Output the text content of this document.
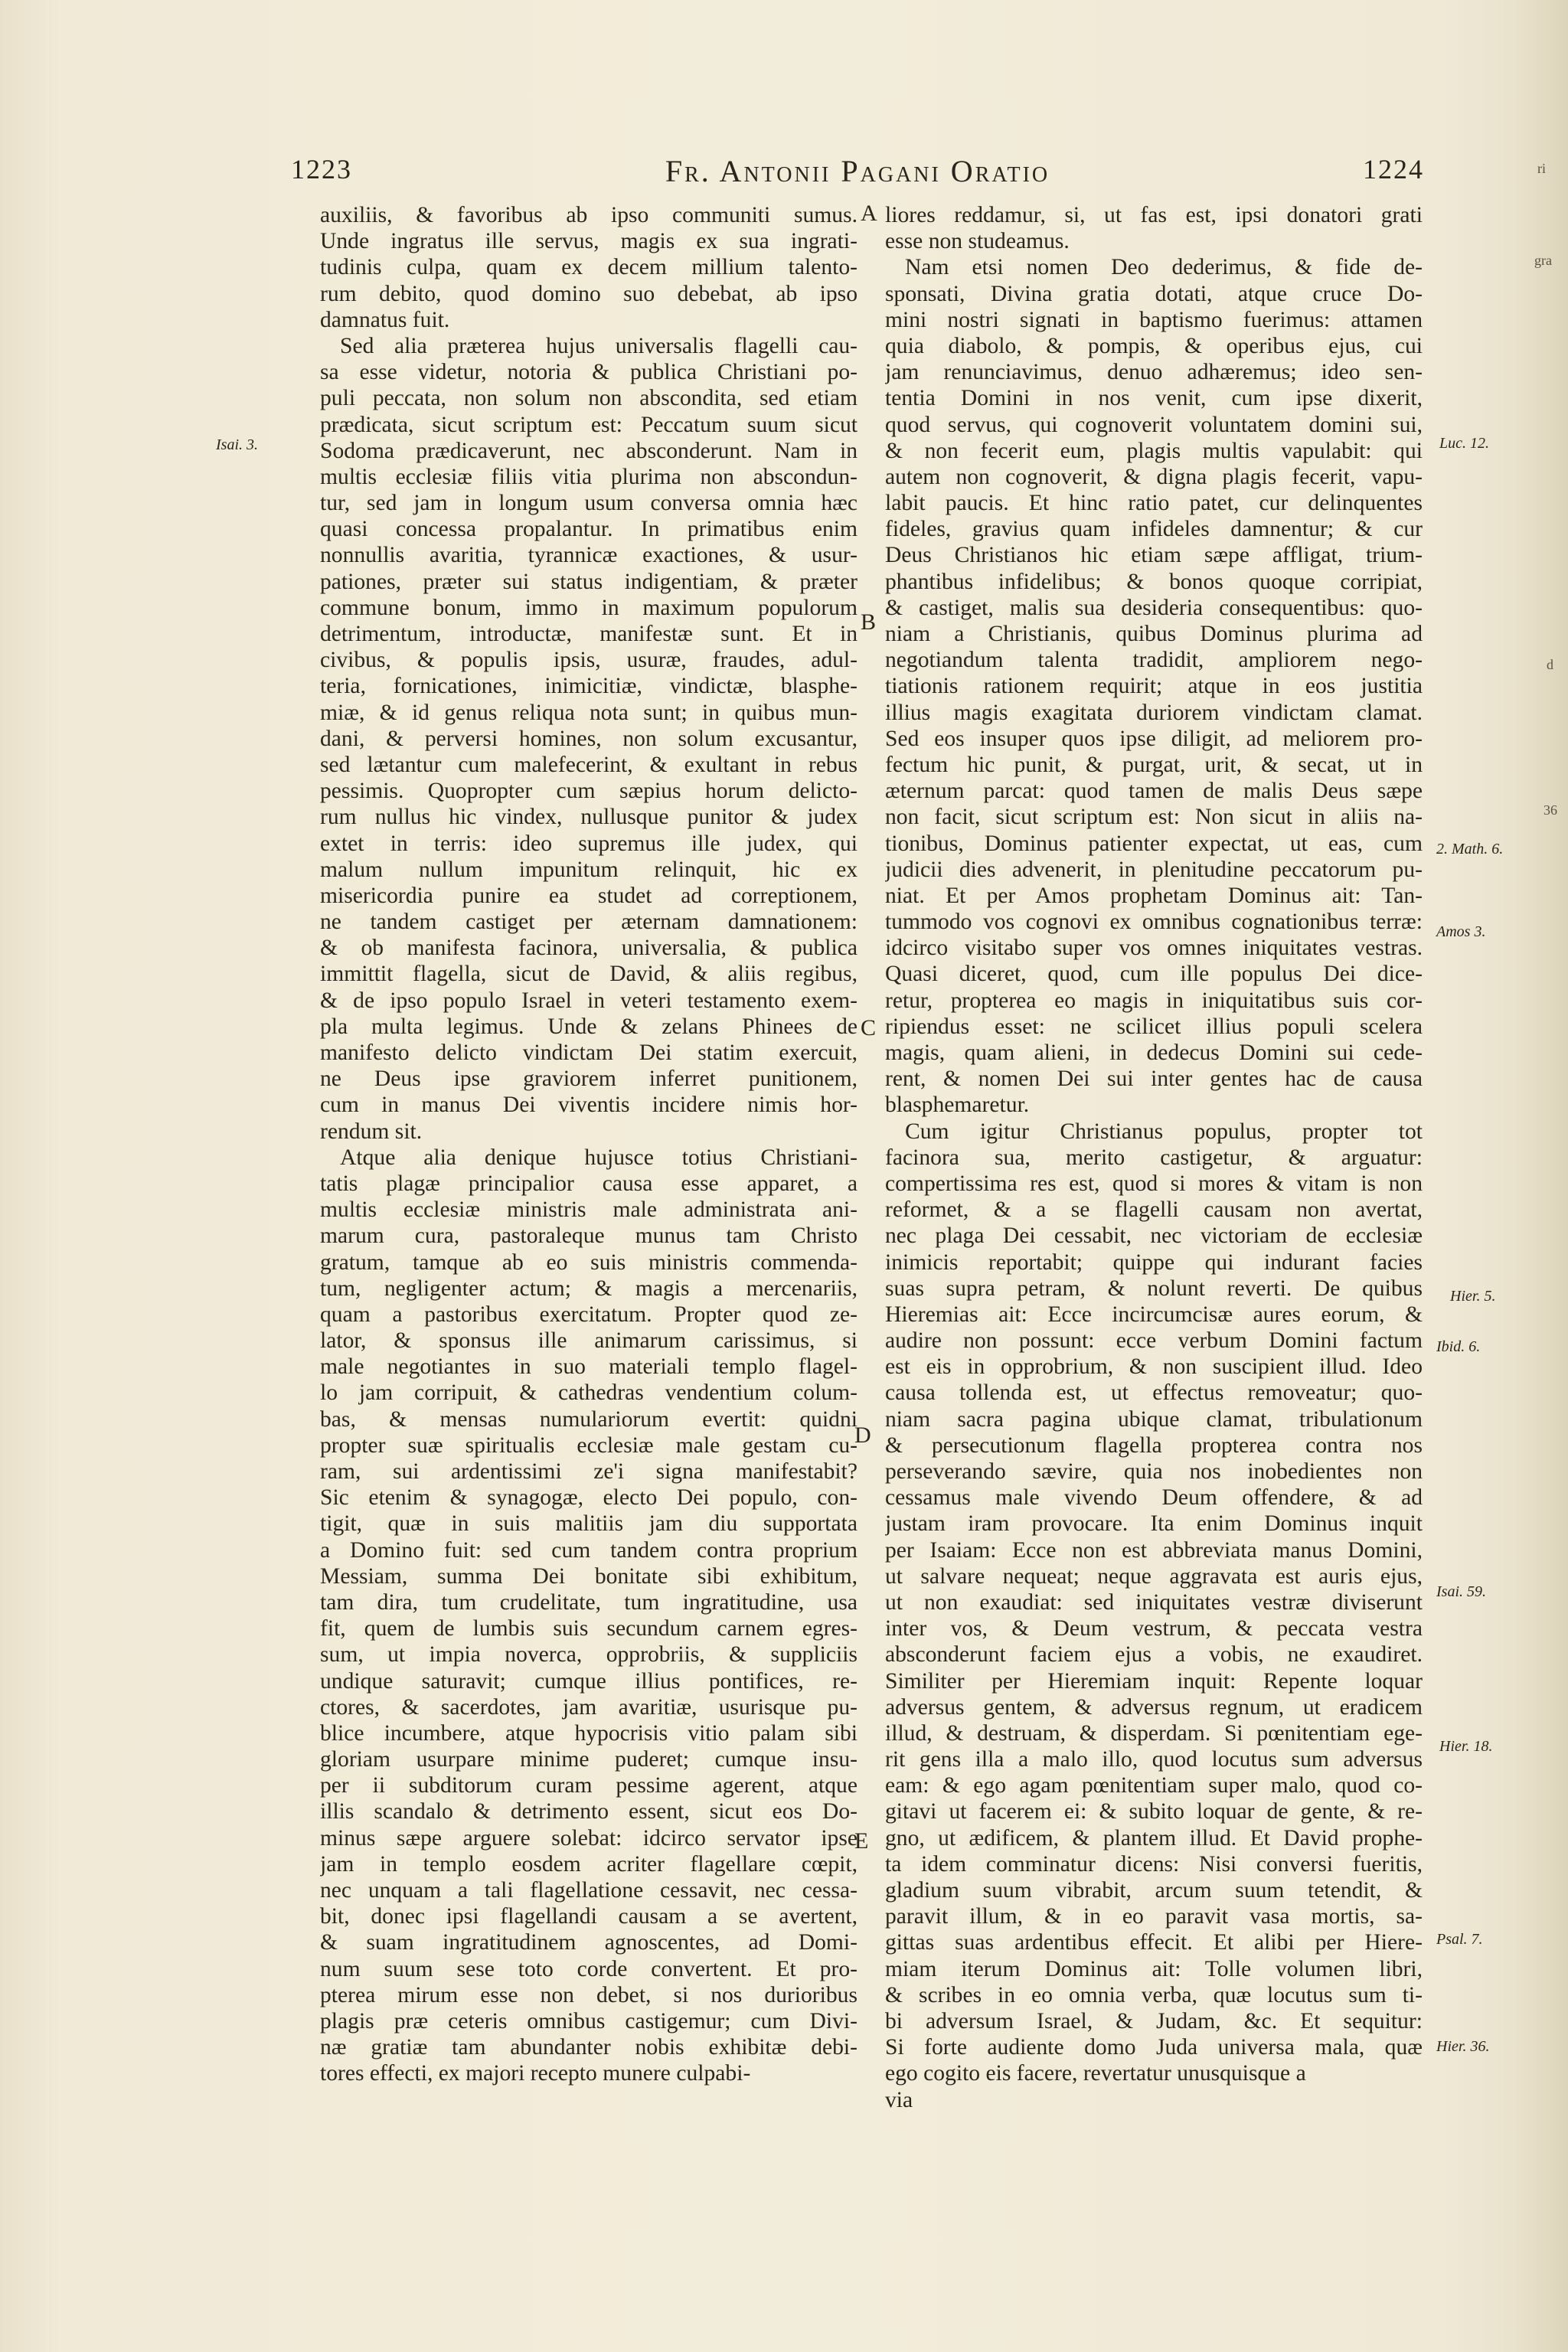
1223	Fr. Antonii Pagani Oratio	1224
auxiliis, & favoribus ab ipso communiti sumus.
Unde ingratus ille servus, magis ex sua ingrati-
tudinis culpa, quam ex decem millium talento-
rum debito, quod domino suo debebat, ab ipso
damnatus fuit.
Sed alia præterea hujus universalis flagelli cau-
sa esse videtur, notoria & publica Christiani po-
puli peccata, non solum non abscondita, sed etiam
prædicata, sicut scriptum est: Peccatum suum sicut
Sodoma prædicaverunt, nec absconderunt. Nam in
multis ecclesiæ filiis vitia plurima non abscondun-
tur, sed jam in longum usum conversa omnia hæc
quasi concessa propalantur. In primatibus enim
nonnullis avaritia, tyrannicæ exactiones, & usur-
pationes, præter sui status indigentiam, & præter
commune bonum, immo in maximum populorum
detrimentum, introductæ, manifestæ sunt. Et in
civibus, & populis ipsis, usuræ, fraudes, adul-
teria, fornicationes, inimicitiæ, vindictæ, blasphe-
miæ, & id genus reliqua nota sunt; in quibus mun-
dani, & perversi homines, non solum excusantur,
sed lætantur cum malefecerint, & exultant in rebus
pessimis. Quopropter cum sæpius horum delicto-
rum nullus hic vindex, nullusque punitor & judex
extet in terris: ideo supremus ille judex, qui
malum nullum impunitum relinquit, hic ex
misericordia punire ea studet ad correptionem,
ne tandem castiget per æternam damnationem:
& ob manifesta facinora, universalia, & publica
immittit flagella, sicut de David, & aliis regibus,
& de ipso populo Israel in veteri testamento exem-
pla multa legimus. Unde & zelans Phinees de
manifesto delicto vindictam Dei statim exercuit,
ne Deus ipse graviorem inferret punitionem,
cum in manus Dei viventis incidere nimis hor-
rendum sit.
Atque alia denique hujusce totius Christiani-
tatis plagæ principalior causa esse apparet, a
multis ecclesiæ ministris male administrata ani-
marum cura, pastoraleque munus tam Christo
gratum, tamque ab eo suis ministris commenda-
tum, negligenter actum; & magis a mercenariis,
quam a pastoribus exercitatum. Propter quod ze-
lator, & sponsus ille animarum carissimus, si
male negotiantes in suo materiali templo flagel-
lo jam corripuit, & cathedras vendentium colum-
bas, & mensas numulariorum evertit: quidni
propter suæ spiritualis ecclesiæ male gestam cu-
ram, sui ardentissimi ze'i signa manifestabit?
Sic etenim & synagogæ, electo Dei populo, con-
tigit, quæ in suis malitiis jam diu supportata
a Domino fuit: sed cum tandem contra proprium
Messiam, summa Dei bonitate sibi exhibitum,
tam dira, tum crudelitate, tum ingratitudine, usa
fit, quem de lumbis suis secundum carnem egres-
sum, ut impia noverca, opprobriis, & suppliciis
undique saturavit; cumque illius pontifices, re-
ctores, & sacerdotes, jam avaritiæ, usurisque pu-
blice incumbere, atque hypocrisis vitio palam sibi
gloriam usurpare minime puderet; cumque insu-
per ii subditorum curam pessime agerent, atque
illis scandalo & detrimento essent, sicut eos Do-
minus sæpe arguere solebat: idcirco servator ipse
jam in templo eosdem acriter flagellare cœpit,
nec unquam a tali flagellatione cessavit, nec cessa-
bit, donec ipsi flagellandi causam a se avertent,
& suam ingratitudinem agnoscentes, ad Domi-
num suum sese toto corde convertent. Et pro-
pterea mirum esse non debet, si nos durioribus
plagis præ ceteris omnibus castigemur; cum Divi-
næ gratiæ tam abundanter nobis exhibitæ debi-
tores effecti, ex majori recepto munere culpabi-
liores reddamur, si, ut fas est, ipsi donatori grati
esse non studeamus.
Nam etsi nomen Deo dederimus, & fide de-
sponsati, Divina gratia dotati, atque cruce Do-
mini nostri signati in baptismo fuerimus: attamen
quia diabolo, & pompis, & operibus ejus, cui
jam renunciavimus, denuo adhæremus; ideo sen-
tentia Domini in nos venit, cum ipse dixerit,
quod servus, qui cognoverit voluntatem domini sui,
& non fecerit eum, plagis multis vapulabit: qui
autem non cognoverit, & digna plagis fecerit, vapu-
labit paucis. Et hinc ratio patet, cur delinquentes
fideles, gravius quam infideles damnentur; & cur
Deus Christianos hic etiam sæpe affligat, trium-
phantibus infidelibus; & bonos quoque corripiat,
& castiget, malis sua desideria consequentibus: quo-
niam a Christianis, quibus Dominus plurima ad
negotiandum talenta tradidit, ampliorem nego-
tiationis rationem requirit; atque in eos justitia
illius magis exagitata duriorem vindictam clamat.
Sed eos insuper quos ipse diligit, ad meliorem pro-
fectum hic punit, & purgat, urit, & secat, ut in
æternum parcat: quod tamen de malis Deus sæpe
non facit, sicut scriptum est: Non sicut in aliis na-
tionibus, Dominus patienter expectat, ut eas, cum
judicii dies advenerit, in plenitudine peccatorum pu-
niat. Et per Amos prophetam Dominus ait: Tan-
tummodo vos cognovi ex omnibus cognationibus terræ:
idcirco visitabo super vos omnes iniquitates vestras.
Quasi diceret, quod, cum ille populus Dei dice-
retur, propterea eo magis in iniquitatibus suis cor-
ripiendus esset: ne scilicet illius populi scelera
magis, quam alieni, in dedecus Domini sui cede-
rent, & nomen Dei sui inter gentes hac de causa
blasphemaretur.
Cum igitur Christianus populus, propter tot
facinora sua, merito castigetur, & arguatur:
compertissima res est, quod si mores & vitam is non
reformet, & a se flagelli causam non avertat,
nec plaga Dei cessabit, nec victoriam de ecclesiæ
inimicis reportabit; quippe qui indurant facies
suas supra petram, & nolunt reverti. De quibus
Hieremias ait: Ecce incircumcisæ aures eorum, &
audire non possunt: ecce verbum Domini factum
est eis in opprobrium, & non suscipient illud. Ideo
causa tollenda est, ut effectus removeatur; quo-
niam sacra pagina ubique clamat, tribulationum
& persecutionum flagella propterea contra nos
perseverando sævire, quia nos inobedientes non
cessamus male vivendo Deum offendere, & ad
justam iram provocare. Ita enim Dominus inquit
per Isaiam: Ecce non est abbreviata manus Domini,
ut salvare nequeat; neque aggravata est auris ejus,
ut non exaudiat: sed iniquitates vestræ diviserunt
inter vos, & Deum vestrum, & peccata vestra
absconderunt faciem ejus a vobis, ne exaudiret.
Similiter per Hieremiam inquit: Repente loquar
adversus gentem, & adversus regnum, ut eradicem
illud, & destruam, & disperdam. Si pœnitentiam ege-
rit gens illa a malo illo, quod locutus sum adversus
eam: & ego agam pœnitentiam super malo, quod co-
gitavi ut facerem ei: & subito loquar de gente, & re-
gno, ut ædificem, & plantem illud. Et David prophe-
ta idem comminatur dicens: Nisi conversi fueritis,
gladium suum vibrabit, arcum suum tetendit, &
paravit illum, & in eo paravit vasa mortis, sa-
gittas suas ardentibus effecit. Et alibi per Hiere-
miam iterum Dominus ait: Tolle volumen libri,
& scribes in eo omnia verba, quæ locutus sum ti-
bi adversum Israel, & Judam, &c. Et sequitur:
Si forte audiente domo Juda universa mala, quæ
ego cogito eis facere, revertatur unusquisque a
via
A
B
C
D
E
Isai. 3.	Luc. 12.
2. Math. 6.
Amos 3.
Hier. 5.
Ibid. 6.
Isai. 59.
Hier. 18.
Psal. 7.
Hier. 36.
ri
gra
d
36
